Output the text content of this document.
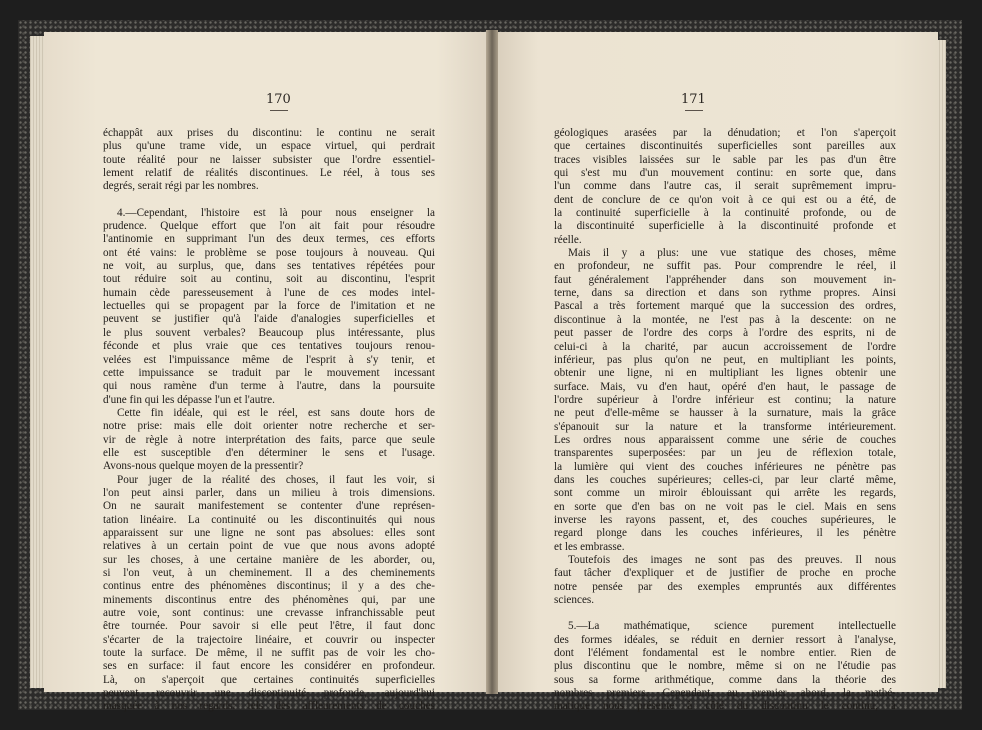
170
échappât aux prises du discontinu: le continu ne serait
plus qu'une trame vide, un espace virtuel, qui perdrait
toute réalité pour ne laisser subsister que l'ordre essentiel-
lement relatif de réalités discontinues. Le réel, à tous ses
degrés, serait régi par les nombres.
4.—Cependant, l'histoire est là pour nous enseigner la
prudence. Quelque effort que l'on ait fait pour résoudre
l'antinomie en supprimant l'un des deux termes, ces efforts
ont été vains: le problème se pose toujours à nouveau. Qui
ne voit, au surplus, que, dans ses tentatives répétées pour
tout réduire soit au continu, soit au discontinu, l'esprit
humain cède paresseusement à l'une de ces modes intel-
lectuelles qui se propagent par la force de l'imitation et ne
peuvent se justifier qu'à l'aide d'analogies superficielles et
le plus souvent verbales? Beaucoup plus intéressante, plus
féconde et plus vraie que ces tentatives toujours renou-
velées est l'impuissance même de l'esprit à s'y tenir, et
cette impuissance se traduit par le mouvement incessant
qui nous ramène d'un terme à l'autre, dans la poursuite
d'une fin qui les dépasse l'un et l'autre.
Cette fin idéale, qui est le réel, est sans doute hors de
notre prise: mais elle doit orienter notre recherche et ser-
vir de règle à notre interprétation des faits, parce que seule
elle est susceptible d'en déterminer le sens et l'usage.
Avons-nous quelque moyen de la pressentir?
Pour juger de la réalité des choses, il faut les voir, si
l'on peut ainsi parler, dans un milieu à trois dimensions.
On ne saurait manifestement se contenter d'une représen-
tation linéaire. La continuité ou les discontinuités qui nous
apparaissent sur une ligne ne sont pas absolues: elles sont
relatives à un certain point de vue que nous avons adopté
sur les choses, à une certaine manière de les aborder, ou,
si l'on veut, à un cheminement. Il a des cheminements
continus entre des phénomènes discontinus; il y a des che-
minements discontinus entre des phénomènes qui, par une
autre voie, sont continus: une crevasse infranchissable peut
être tournée. Pour savoir si elle peut l'être, il faut donc
s'écarter de la trajectoire linéaire, et couvrir ou inspecter
toute la surface. De même, il ne suffit pas de voir les cho-
ses en surface: il faut encore les considérer en profondeur.
Là, on s'aperçoit que certaines continuités superficielles
peuvent recouvrir une discontinuité profonde, aujourd'hui
masquée à nos regards: tels des affleurements de couches
171
géologiques arasées par la dénudation; et l'on s'aperçoit
que certaines discontinuités superficielles sont pareilles aux
traces visibles laissées sur le sable par les pas d'un être
qui s'est mu d'un mouvement continu: en sorte que, dans
l'un comme dans l'autre cas, il serait suprêmement impru-
dent de conclure de ce qu'on voit à ce qui est ou a été, de
la continuité superficielle à la continuité profonde, ou de
la discontinuité superficielle à la discontinuité profonde et
réelle.
Mais il y a plus: une vue statique des choses, même
en profondeur, ne suffit pas. Pour comprendre le réel, il
faut généralement l'appréhender dans son mouvement in-
terne, dans sa direction et dans son rythme propres. Ainsi
Pascal a très fortement marqué que la succession des ordres,
discontinue à la montée, ne l'est pas à la descente: on ne
peut passer de l'ordre des corps à l'ordre des esprits, ni de
celui-ci à la charité, par aucun accroissement de l'ordre
inférieur, pas plus qu'on ne peut, en multipliant les points,
obtenir une ligne, ni en multipliant les lignes obtenir une
surface. Mais, vu d'en haut, opéré d'en haut, le passage de
l'ordre supérieur à l'ordre inférieur est continu; la nature
ne peut d'elle-même se hausser à la surnature, mais la grâce
s'épanouit sur la nature et la transforme intérieurement.
Les ordres nous apparaissent comme une série de couches
transparentes superposées: par un jeu de réflexion totale,
la lumière qui vient des couches inférieures ne pénètre pas
dans les couches supérieures; celles-ci, par leur clarté même,
sont comme un miroir éblouissant qui arrête les regards,
en sorte que d'en bas on ne voit pas le ciel. Mais en sens
inverse les rayons passent, et, des couches supérieures, le
regard plonge dans les couches inférieures, il les pénètre
et les embrasse.
Toutefois des images ne sont pas des preuves. Il nous
faut tâcher d'expliquer et de justifier de proche en proche
notre pensée par des exemples empruntés aux différentes
sciences.
5.—La mathématique, science purement intellectuelle
des formes idéales, se réduit en dernier ressort à l'analyse,
dont l'élément fondamental est le nombre entier. Rien de
plus discontinu que le nombre, même si on ne l'étudie pas
sous sa forme arithmétique, comme dans la théorie des
nombres premiers. Cependant, au premier abord, la mathé-
matique nous présente à côté du discontinu le continu, à
